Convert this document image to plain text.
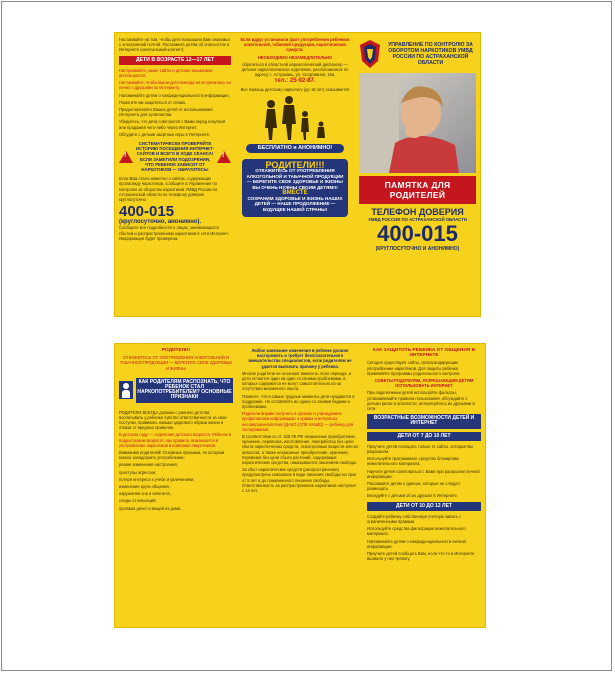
Настаивайте на том, чтобы дети повышали Вам знакомых с электронной почтой. Расскажите детям об опасностях в Интернете (нелегальный контент).

ДЕТИ В ВОЗРАСТЕ 12—17 ЛЕТ

Настраивайте, какие сайты и детские альманахи используются.

Настаивайте, чтобы Ваши дети никогда не встречались на лично с друзьями по Интернету.

Напоминайте детям о конфиденциальности информации.

Помогите им защититься от спама.

Предостерегайте Ваших детей от использования Интернета для хулиганства.

Убедитесь, что дети советуются с Вами перед покупкой или продажей чего-либо через Интернет.

Обсудите с детьми азартные игры в Интернете.

!
СИСТЕМАТИЧЕСКИ ПРОВЕРЯЙТЕ ИСТОРИЮ ПОСЕЩЕНИЯ ИНТЕРНЕТ-САЙТОВ И ВСЕГО В ХОДЕ СЕАНСА! ЕСЛИ ЗАМЕТИЛИ ПОДОЗРЕНИЯ, ЧТО РЕБЕНОК ЗАВИСИТ ОТ НАРКОТИКОВ — ОБРАТИТЕСЬ!
!

Если Вам стало известно о сайтах, содержащих пропаганду наркотиков, сообщите в Управление по контролю за оборотом наркотиков УМВД России по Астраханской области по телефону доверия круглосуточно.

400-015
(круглосуточно, анонимно).

Сообщите все подробности о лицах, занимающихся сбытом и распространением наркотиков в сети Интернет. Информация будет проверена.

Если вдруг установили факт употребления ребенком алкогольной, табачной продукции, наркотических средств.

НЕОБХОДИМО НЕЗАМЕДЛИТЕЛЬНО

обратиться в областной наркологический диспансер — детское наркологическое отделение, расположенное по адресу: г. Астрахань, ул. Спортивная, 16а,

тел.: 25-92-87.

Все помощь детскому наркологу (до 18 лет) оказывается

БЕСПЛАТНО и АНОНИМНО!
РОДИТЕЛИ!!!
ОТКАЖИТЕСЬ ОТ УПОТРЕБЛЕНИЯ АЛКОГОЛЬНОЙ И ТАБАЧНОЙ ПРОДУКЦИИ — БЕРЕГИТЕ СВОЕ ЗДОРОВЬЕ И ЖИЗНЬ! ВЫ ОЧЕНЬ НУЖНЫ СВОИМ ДЕТЯМ!!!
ВМЕСТЕ
СОХРАНИМ ЗДОРОВЬЕ И ЖИЗНЬ НАШИХ ДЕТЕЙ — НАШЕ ПРОДОЛЖЕНИЕ — БУДУЩЕЕ НАШЕЙ СТРАНЫ!
УПРАВЛЕНИЕ ПО КОНТРОЛЮ ЗА ОБОРОТОМ НАРКОТИКОВ УМВД РОССИИ ПО АСТРАХАНСКОЙ ОБЛАСТИ
ПАМЯТКА ДЛЯ РОДИТЕЛЕЙ
ТЕЛЕФОН ДОВЕРИЯ
УМВД РОССИИ ПО АСТРАХАНСКОЙ ОБЛАСТИ
400-015
(КРУГЛОСУТОЧНО И АНОНИМНО)

РОДИТЕЛИ!

ОТКАЖИТЕСЬ ОТ УПОТРЕБЛЕНИЯ АЛКОГОЛЬНОЙ И ТАБАЧНОЙ ПРОДУКЦИИ — БЕРЕГИТЕ СВОЕ ЗДОРОВЬЕ И ЖИЗНЬ!

КАК РОДИТЕЛЯМ РАСПОЗНАТЬ, ЧТО РЕБЕНОК СТАЛ НАРКОПОТРЕБИТЕЛЕМ? ОСНОВНЫЕ ПРИЗНАКИ

РОДИТЕЛИ ВСЕГДА должны с раннего детства воспитывать у ребенка чувство ответственности за свои поступки, прививать навыки здорового образа жизни и отказа от вредных привычек.

В детском саду — отделение детского возраста. Ребенок в подростковом возрасте, как правило, вовлекается в употребление наркотиков в компании сверстников.

Вниманию родителей! Основные признаки, по которым можно заподозрить употребление:

резкие изменения настроения;

приступы агрессии;

потеря интереса к учебе и увлечениям;

изменение круга общения;

нарушения сна и аппетита;

следы от инъекций;

пропажа денег и вещей из дома.

Любое замечание изменения в ребенке должно насторожить и требует безотлагательного вмешательства специалистов, если родителям не удается выяснить причину у ребенка.

Многие родители не осознают важность этого периода, и дети остаются один на один со своими проблемами, в которых содержится не могут самостоятельно из-за отсутствия жизненного опыта.

Помните, что в самые трудные моменты дети нуждаются в поддержке. Не оставляйте их одних со своими бедами и проблемами.

Родители вправе получить в органах и учреждениях профилактики информацию о правах и интересах несовершеннолетних (ДАКО (СПЕ НАШЕ)) — ребенку для тестирования.

В соответствии со ст. 228 УК РФ незаконные приобретение, хранение, перевозка, изготовление, переработка без цели сбыта наркотических средств, психотропных веществ или их аналогов, а также незаконные приобретение, хранение, перевозка без цели сбыта растений, содержащих наркотические средства, наказываются лишением свободы.

За сбыт наркотических средств (распространение) предусмотрено наказание в виде лишения свободы на срок от 8 лет и до пожизненного лишения свободы. Ответственность за распространение наркотиков наступает с 14 лет.

КАК ЗАЩИТИТЬ РЕБЕНКА ОТ ОБЩЕНИЯ В ИНТЕРНЕТЕ

Сегодня существуют сайты, пропагандирующие употребление наркотиков. Для защиты ребенка применяйте программы родительского контроля.

СОВЕТЫ РОДИТЕЛЯМ, РАЗРЕШАЮЩИМ ДЕТЯМ ИСПОЛЬЗОВАТЬ ИНТЕРНЕТ

При подключении детей используйте фильтры, устанавливайте правила пользования, обсуждайте с детьми риски и опасности, интересуйтесь их друзьями в сети.

ВОЗРАСТНЫЕ ВОЗМОЖНОСТИ ДЕТЕЙ И ИНТЕРНЕТ
ДЕТИ ОТ 7 ДО 10 ЛЕТ

Приучите детей посещать только те сайты, которые Вы разрешили.

Используйте программное средство блокировки нежелательного материала.

Научите детей советоваться с Вами при раскрытии личной информации.

Расскажите детям о данных, которые не следует размещать.

Беседуйте с детьми об их друзьях в Интернете.

ДЕТИ ОТ 10 ДО 12 ЛЕТ

Создайте ребенку собственную учетную запись с ограниченными правами.

Используйте средства фильтрации нежелательного материала.

Напоминайте детям о конфиденциальности личной информации.

Приучите детей сообщать Вам, если что-то в Интернете вызвало у них тревогу.
